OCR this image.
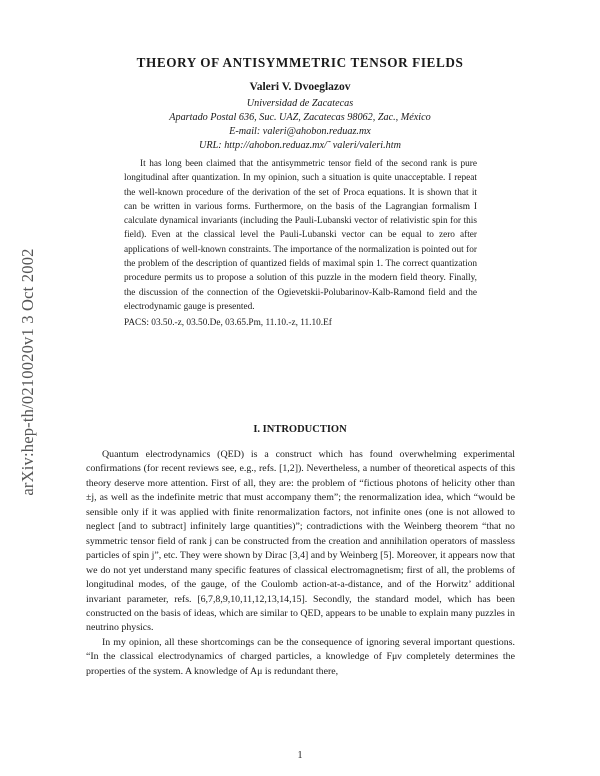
arXiv:hep-th/0210020v1 3 Oct 2002
THEORY OF ANTISYMMETRIC TENSOR FIELDS
Valeri V. Dvoeglazov
Universidad de Zacatecas
Apartado Postal 636, Suc. UAZ, Zacatecas 98062, Zac., México
E-mail: valeri@ahobon.reduaz.mx
URL: http://ahobon.reduaz.mx/˜ valeri/valeri.htm

It has long been claimed that the antisymmetric tensor field of the second rank is pure longitudinal after quantization. In my opinion, such a situation is quite unacceptable. I repeat the well-known procedure of the derivation of the set of Proca equations. It is shown that it can be written in various forms. Furthermore, on the basis of the Lagrangian formalism I calculate dynamical invariants (including the Pauli-Lubanski vector of relativistic spin for this field). Even at the classical level the Pauli-Lubanski vector can be equal to zero after applications of well-known constraints. The importance of the normalization is pointed out for the problem of the description of quantized fields of maximal spin 1. The correct quantization procedure permits us to propose a solution of this puzzle in the modern field theory. Finally, the discussion of the connection of the Ogievetskii-Polubarinov-Kalb-Ramond field and the electrodynamic gauge is presented.

PACS: 03.50.-z, 03.50.De, 03.65.Pm, 11.10.-z, 11.10.Ef
I. INTRODUCTION

Quantum electrodynamics (QED) is a construct which has found overwhelming experimental confirmations (for recent reviews see, e.g., refs. [1,2]). Nevertheless, a number of theoretical aspects of this theory deserve more attention. First of all, they are: the problem of “fictious photons of helicity other than ±j, as well as the indefinite metric that must accompany them”; the renormalization idea, which “would be sensible only if it was applied with finite renormalization factors, not infinite ones (one is not allowed to neglect [and to subtract] infinitely large quantities)”; contradictions with the Weinberg theorem “that no symmetric tensor field of rank j can be constructed from the creation and annihilation operators of massless particles of spin j”, etc. They were shown by Dirac [3,4] and by Weinberg [5]. Moreover, it appears now that we do not yet understand many specific features of classical electromagnetism; first of all, the problems of longitudinal modes, of the gauge, of the Coulomb action-at-a-distance, and of the Horwitz’ additional invariant parameter, refs. [6,7,8,9,10,11,12,13,14,15]. Secondly, the standard model, which has been constructed on the basis of ideas, which are similar to QED, appears to be unable to explain many puzzles in neutrino physics.

In my opinion, all these shortcomings can be the consequence of ignoring several important questions. “In the classical electrodynamics of charged particles, a knowledge of Fμν completely determines the properties of the system. A knowledge of Aμ is redundant there,

1
